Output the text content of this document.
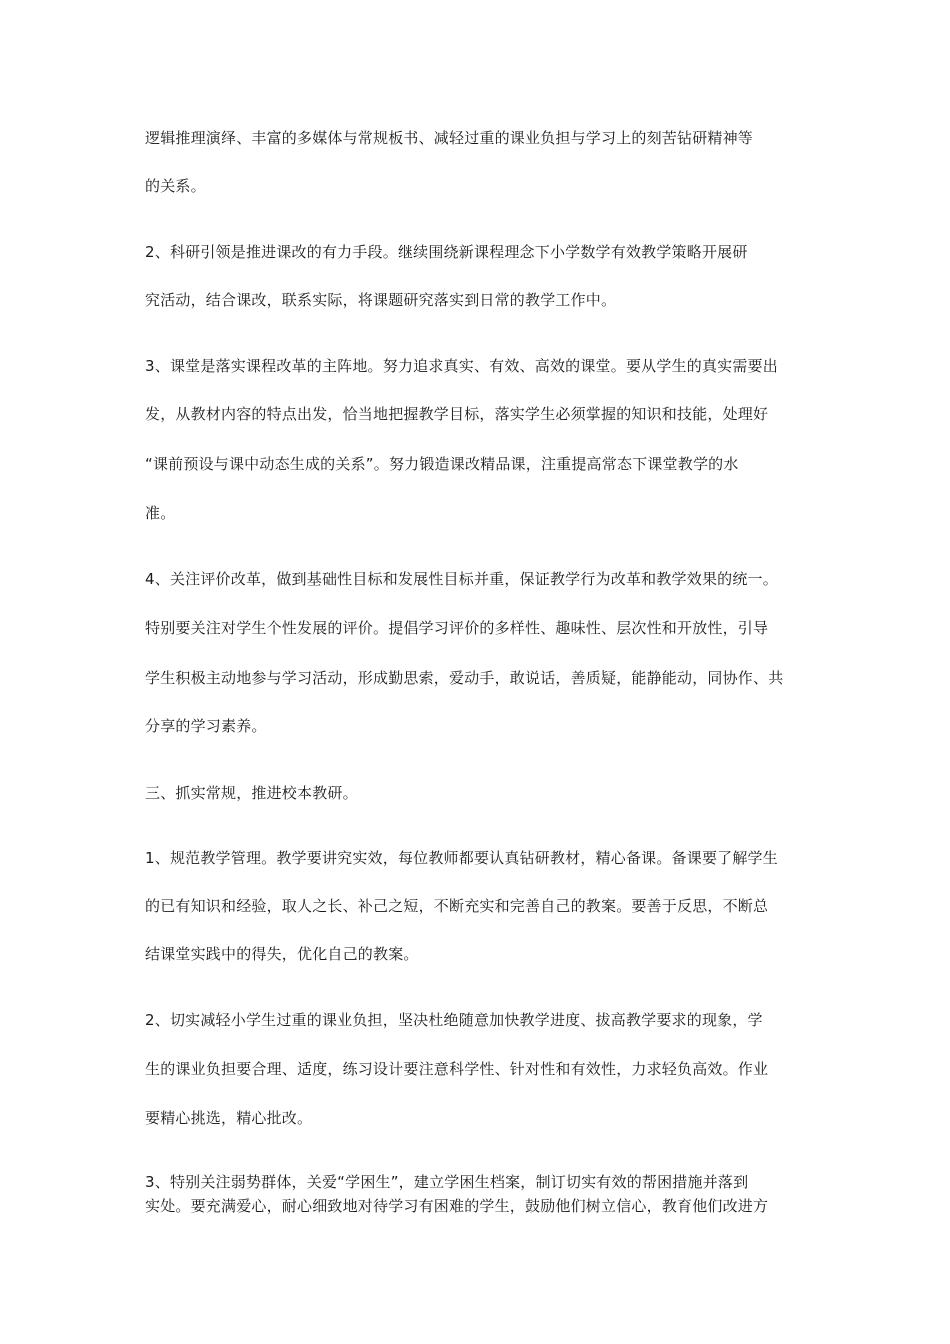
逻辑推理演绎、丰富的多媒体与常规板书、减轻过重的课业负担与学习上的刻苦钻研精神等
的关系。
2、科研引领是推进课改的有力手段。继续围绕新课程理念下小学数学有效教学策略开展研
究活动，结合课改，联系实际，将课题研究落实到日常的教学工作中。
3、课堂是落实课程改革的主阵地。努力追求真实、有效、高效的课堂。要从学生的真实需要出
发，从教材内容的特点出发，恰当地把握教学目标，落实学生必须掌握的知识和技能，处理好
“课前预设与课中动态生成的关系”。努力锻造课改精品课，注重提高常态下课堂教学的水
准。
4、关注评价改革，做到基础性目标和发展性目标并重，保证教学行为改革和教学效果的统一。
特别要关注对学生个性发展的评价。提倡学习评价的多样性、趣味性、层次性和开放性，引导
学生积极主动地参与学习活动，形成勤思索，爱动手，敢说话，善质疑，能静能动，同协作、共
分享的学习素养。
三、抓实常规，推进校本教研。
1、规范教学管理。教学要讲究实效，每位教师都要认真钻研教材，精心备课。备课要了解学生
的已有知识和经验，取人之长、补己之短，不断充实和完善自己的教案。要善于反思，不断总
结课堂实践中的得失，优化自己的教案。
2、切实减轻小学生过重的课业负担，坚决杜绝随意加快教学进度、拔高教学要求的现象，学
生的课业负担要合理、适度，练习设计要注意科学性、针对性和有效性，力求轻负高效。作业
要精心挑选，精心批改。
3、特别关注弱势群体，关爱“学困生”，建立学困生档案，制订切实有效的帮困措施并落到
实处。要充满爱心，耐心细致地对待学习有困难的学生，鼓励他们树立信心，教育他们改进方
